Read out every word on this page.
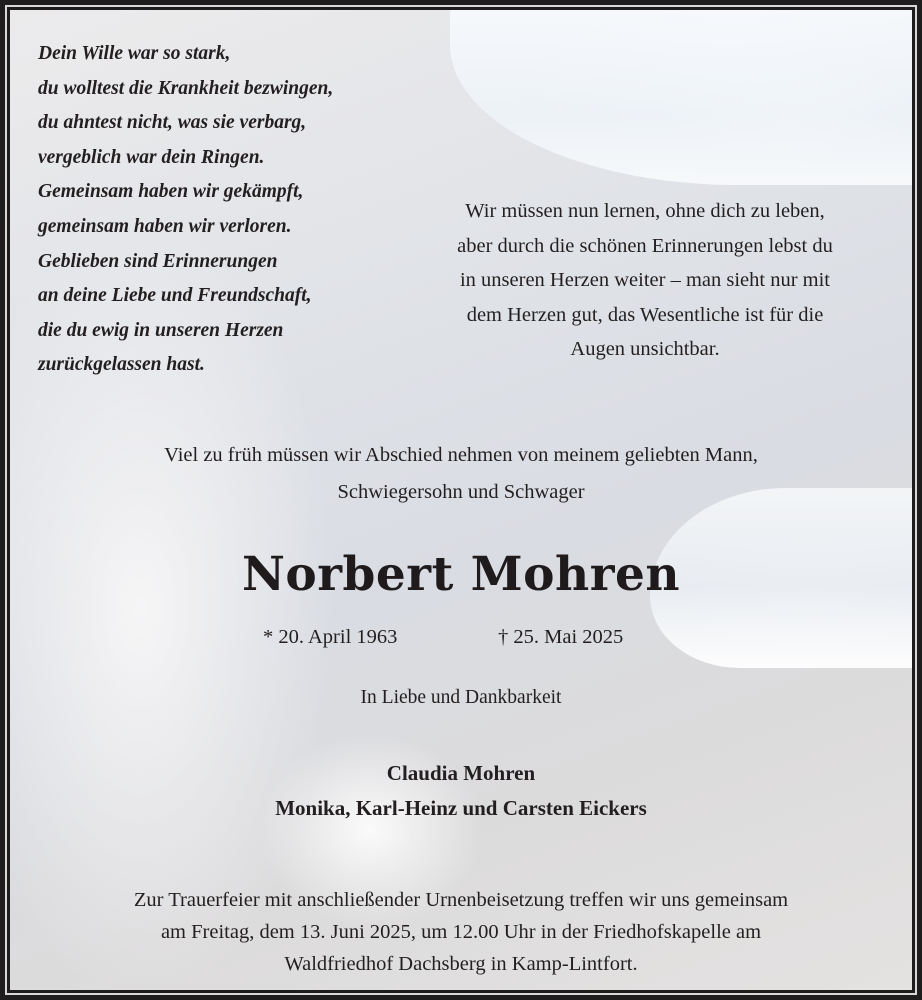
Dein Wille war so stark,
du wolltest die Krankheit bezwingen,
du ahntest nicht, was sie verbarg,
vergeblich war dein Ringen.
Gemeinsam haben wir gekämpft,
gemeinsam haben wir verloren.
Geblieben sind Erinnerungen
an deine Liebe und Freundschaft,
die du ewig in unseren Herzen
zurückgelassen hast.
Wir müssen nun lernen, ohne dich zu leben,
aber durch die schönen Erinnerungen lebst du
in unseren Herzen weiter – man sieht nur mit
dem Herzen gut, das Wesentliche ist für die
Augen unsichtbar.
Viel zu früh müssen wir Abschied nehmen von meinem geliebten Mann,
Schwiegersohn und Schwager
Norbert Mohren
* 20. April 1963	† 25. Mai 2025
In Liebe und Dankbarkeit
Claudia Mohren
Monika, Karl-Heinz und Carsten Eickers
Zur Trauerfeier mit anschließender Urnenbeisetzung treffen wir uns gemeinsam
am Freitag, dem 13. Juni 2025, um 12.00 Uhr in der Friedhofskapelle am
Waldfriedhof Dachsberg in Kamp-Lintfort.
